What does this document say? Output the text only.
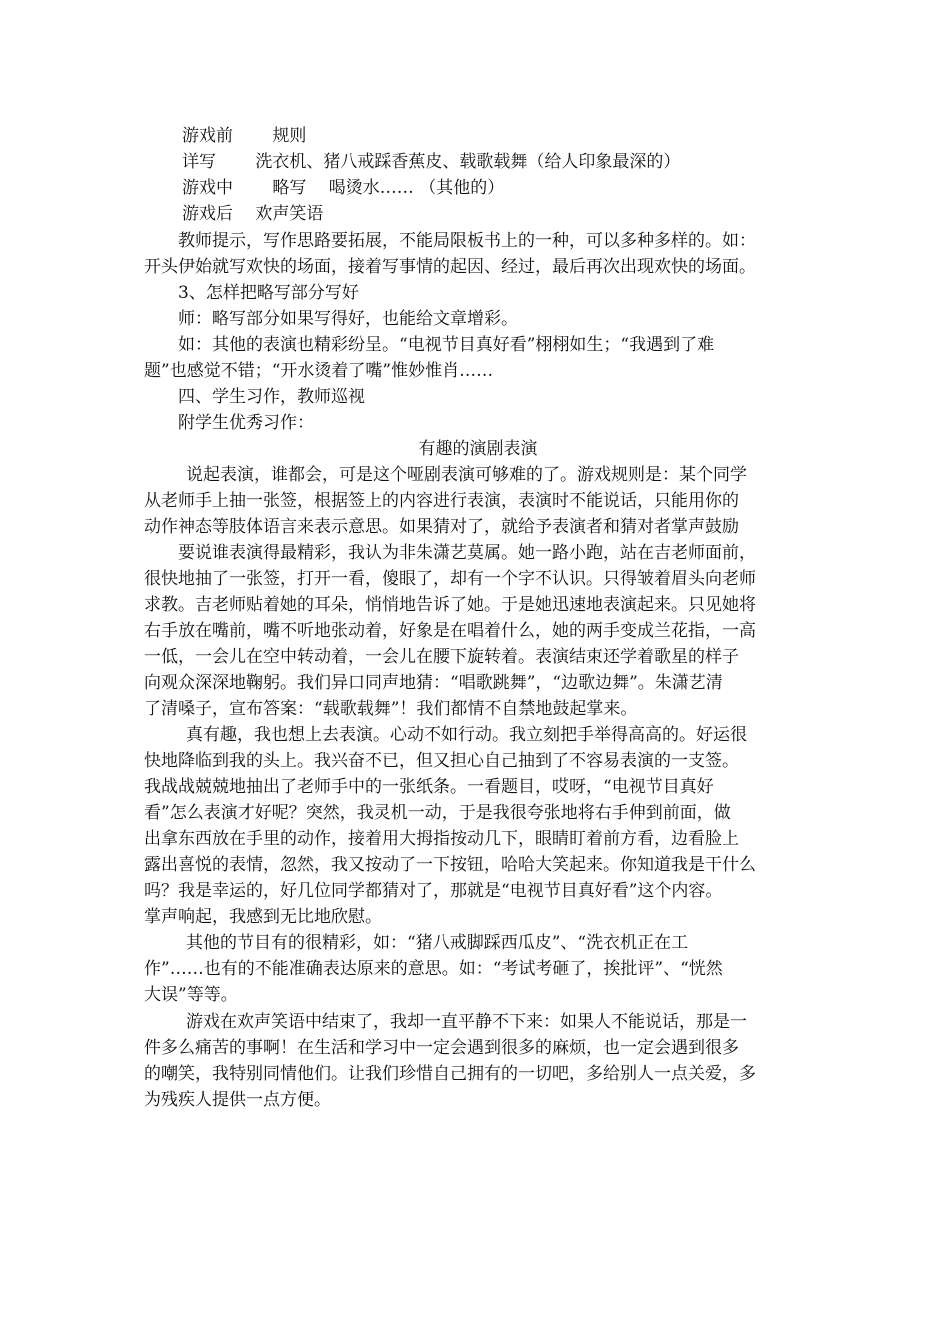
游戏前　　 规则
详写　　 洗衣机、猪八戒踩香蕉皮、载歌载舞（给人印象最深的）
游戏中　　 略写　 喝烫水…… （其他的）
游戏后　 欢声笑语
教师提示，写作思路要拓展，不能局限板书上的一种，可以多种多样的。如：
开头伊始就写欢快的场面，接着写事情的起因、经过，最后再次出现欢快的场面。
3、怎样把略写部分写好
师：略写部分如果写得好，也能给文章增彩。
如：其他的表演也精彩纷呈。“电视节目真好看”栩栩如生；“我遇到了难
题”也感觉不错；“开水烫着了嘴”惟妙惟肖……
四、学生习作，教师巡视
附学生优秀习作：
有趣的演剧表演
说起表演，谁都会，可是这个哑剧表演可够难的了。游戏规则是：某个同学
从老师手上抽一张签，根据签上的内容进行表演，表演时不能说话，只能用你的
动作神态等肢体语言来表示意思。如果猜对了，就给予表演者和猜对者掌声鼓励
要说谁表演得最精彩，我认为非朱潇艺莫属。她一路小跑，站在吉老师面前，
很快地抽了一张签，打开一看，傻眼了，却有一个字不认识。只得皱着眉头向老师
求教。吉老师贴着她的耳朵，悄悄地告诉了她。于是她迅速地表演起来。只见她将
右手放在嘴前，嘴不听地张动着，好象是在唱着什么，她的两手变成兰花指，一高
一低，一会儿在空中转动着，一会儿在腰下旋转着。表演结束还学着歌星的样子
向观众深深地鞠躬。我们异口同声地猜：“唱歌跳舞”，“边歌边舞”。朱潇艺清
了清嗓子，宣布答案：“载歌载舞”！我们都情不自禁地鼓起掌来。
真有趣，我也想上去表演。心动不如行动。我立刻把手举得高高的。好运很
快地降临到我的头上。我兴奋不已，但又担心自己抽到了不容易表演的一支签。
我战战兢兢地抽出了老师手中的一张纸条。一看题目，哎呀，“电视节目真好
看”怎么表演才好呢？突然，我灵机一动，于是我很夸张地将右手伸到前面，做
出拿东西放在手里的动作，接着用大拇指按动几下，眼睛盯着前方看，边看脸上
露出喜悦的表情，忽然，我又按动了一下按钮，哈哈大笑起来。你知道我是干什么
吗？我是幸运的，好几位同学都猜对了，那就是“电视节目真好看”这个内容。
掌声响起，我感到无比地欣慰。
其他的节目有的很精彩，如：“猪八戒脚踩西瓜皮”、“洗衣机正在工
作”……也有的不能准确表达原来的意思。如：“考试考砸了，挨批评”、“恍然
大误”等等。
游戏在欢声笑语中结束了，我却一直平静不下来：如果人不能说话，那是一
件多么痛苦的事啊！在生活和学习中一定会遇到很多的麻烦，也一定会遇到很多
的嘲笑，我特别同情他们。让我们珍惜自己拥有的一切吧，多给别人一点关爱，多
为残疾人提供一点方便。
